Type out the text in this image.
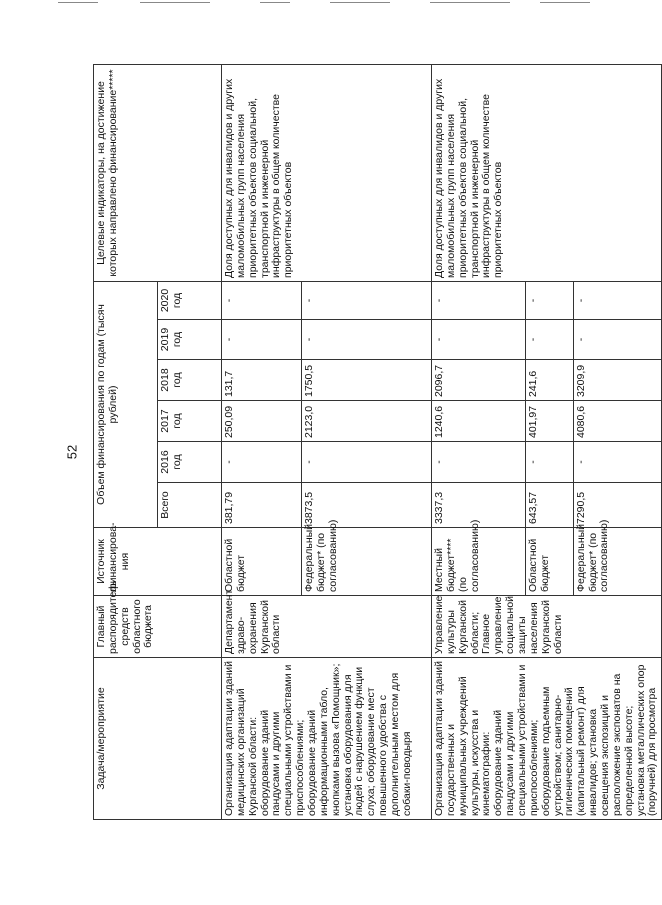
52
Задача/мероприятие	Главный распорядитель средств областного бюджета	Источник финансирова-ния	Объем финансирования по годам (тысяч рублей)						Целевые индикаторы, на достижение которых направлено финансирование*****
			Всего	2016 год	2017 год	2018 год	2019 год	2020 год	
Организация адаптации зданий медицинских организаций Курганской области: оборудование зданий пандусами и другими специальными устройствами и приспособлениями; оборудование зданий информационными табло, кнопками вызова «Помощник»; установка оборудования для людей с нарушением функции слуха; оборудование мест повышенного удобства с дополнительным местом для собаки-поводыря	Департамент здраво-охранения Курганской области	Областной бюджет	381,79	-	250,09	131,7	-	-	Доля доступных для инвалидов и других маломобильных групп населения приоритетных объектов социальной, транспортной и инженерной инфраструктуры в общем количестве приоритетных объектов
		Федеральный бюджет* (по согласованию)	3873,5	-	2123,0	1750,5	-	-	
Организация адаптации зданий государственных и муниципальных учреждений культуры, искусства и кинематографии: оборудование зданий пандусами и другими специальными устройствами и приспособлениями; оборудование подъемным устройством; санитарно-гигиенических помещений (капитальный ремонт) для инвалидов; установка освещения экспозиций и расположение экспонатов на определенной высоте; установка металлических опор (поручней) для просмотра	Управление культуры Курганской области; Главное управление социальной защиты населения Курганской области	Местный бюджет**** (по согласованию)	3337,3	-	1240,6	2096,7	-	-	Доля доступных для инвалидов и других маломобильных групп населения приоритетных объектов социальной, транспортной и инженерной инфраструктуры в общем количестве приоритетных объектов
		Областной бюджет	643,57	-	401,97	241,6	-	-	
		Федеральный бюджет* (по согласованию)	7290,5	-	4080,6	3209,9	-	-	
